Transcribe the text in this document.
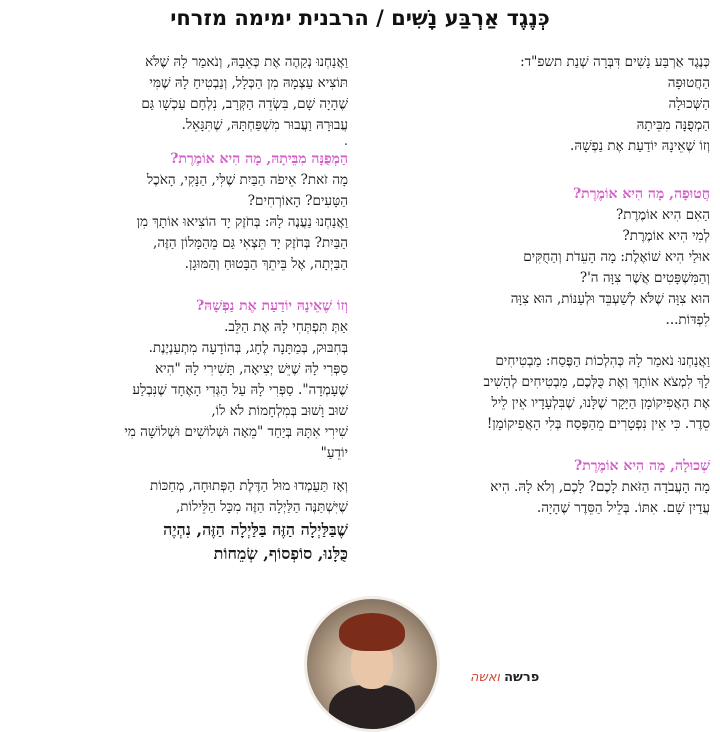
כְּנֶגֶד אַרְבַּע נָשִׁים / הרבנית ימימה מזרחי

כְּנֶגֶד אַרְבַּע נָשִׁים דִּבְּרָה שְׁנַת תשפ"ד:

הַחֲטוּפָה

הַשְּׁכוּלָה

הַמְפֻנָּה מִבֵּיתָהּ

וְזוֹ שֶׁאֵינָהּ יוֹדַעַת אֶת נַפְשָׁהּ.

חֲטוּפָה, מָה הִיא אוֹמֶרֶת?

הַאִם הִיא אוֹמֶרֶת?

לְמִי הִיא אוֹמֶרֶת?

אוּלַי הִיא שׁוֹאֶלֶת: מָה הָעֵדֹת וְהַחֻקִּים

וְהַמִּשְׁפָּטִים אֲשֶׁר צִוָּה ה'?

הוּא צִוָּה שֶׁלֹּא לְשַׁעְבֵּד וּלְעַנּוֹת, הוּא צִוָּה

לִפְדּוֹת...

וַאֲנַחְנוּ נֹאמַר לָהּ כְּהִלְכוֹת הַפֶּסַח: מַבְטִיחִים

לָךְ לִמְצֹא אוֹתָךְ וְאֶת כֻּלְּכֶם, מַבְטִיחִים לְהָשִׁיב

אֶת הָאֲפִיקוֹמָן הַיָּקָר שֶׁלָּנוּ, שֶׁבִּלְעָדָיו אֵין לֵיל

סֵדֶר. כִּי אֵין נִפְטָרִים מֵהַפֶּסַח בְּלִי הָאֲפִיקוֹמָן!

שְׁכוּלָה, מָה הִיא אוֹמֶרֶת?

מָה הָעֲבֹדָה הַזֹּאת לָכֶם? לָכֶם, וְלֹא לָהּ. הִיא

עֲדַיִן שָׁם. אִתּוֹ. בְּלֵיל הַסֵּדֶר שֶׁהָיָה.

וַאֲנַחְנוּ נְקַהֶה אֶת כְּאֵבָהּ, וְנֹאמַר לָהּ שֶׁלֹּא

תּוֹצִיא עַצְמָהּ מִן הַכְּלָל, וְנַבְטִיחַ לָהּ שֶׁמִּי

שֶׁהָיָה שָׁם, בִּשְׂדֵה הַקְּרָב, נִלְחָם עַכְשָׁו גַּם

עֲבוּרָהּ וַעֲבוּר מִשְׁפַּחְתָּהּ, שֶׁתִּגָּאֵל.

.
הַמְפֻנָּה מִבֵּיתָהּ, מָה הִיא אוֹמֶרֶת?

מָה זֹאת? אֵיפֹה הַבַּיִת שֶׁלִּי, הַנָּקִי, הָאֹכֶל

הַטָּעִים? הָאוֹרְחִים?

וַאֲנַחְנוּ נַעֲנֶה לָהּ: בְּחֹזֶק יָד הוֹצִיאוּ אוֹתָךְ מִן

הַבַּיִת? בְּחֹזֶק יָד תֵּצְאִי גַּם מֵהַמָּלוֹן הַזֶּה,

הַבַּיְתָה, אֶל בֵּיתֵךְ הַבָּטוּחַ וְהַמּוּגָן.

וְזוֹ שֶׁאֵינָהּ יוֹדַעַת אֶת נַפְשָׁהּ?

אַתְּ תִּפְתְּחִי לָהּ אֶת הַלֵּב.

בְּחִבּוּק, בְּמַתָּנָה לֶחָג, בְּהוֹדָעָה מִתְעַנְיֶנֶת.

סַפְּרִי לָהּ שֶׁיֵּשׁ יְצִיאָה, תָּשִׁירִי לָהּ "הִיא

שֶׁעָמְדָה". סַפְּרִי לָהּ עַל הַגְּדִי הָאֶחָד שֶׁנִּבְלַע

שׁוּב וָשׁוּב בְּמִלְחָמוֹת לֹא לוֹ,

שִׁירִי אִתָּהּ בְּיַחַד "מֵאָה וּשְׁלוֹשִׁים וּשְׁלוֹשָׁה מִי

יוֹדֵעַ"

וְאָז תַּעַמְדוּ מוּל הַדֶּלֶת הַפְּתוּחָה, מְחַכּוֹת

שֶׁיִּשְׁתַּנֶּה הַלַּיְלָה הַזֶּה מִכָּל הַלֵּילוֹת,

שֶׁבַּלַּיְלָה הַזֶּה בַּלַּיְלָה הַזֶּה, נִהְיֶה

כֻּלָּנוּ, סוֹפְסוֹף, שְׂמֵחוֹת

פרשה ואשה
